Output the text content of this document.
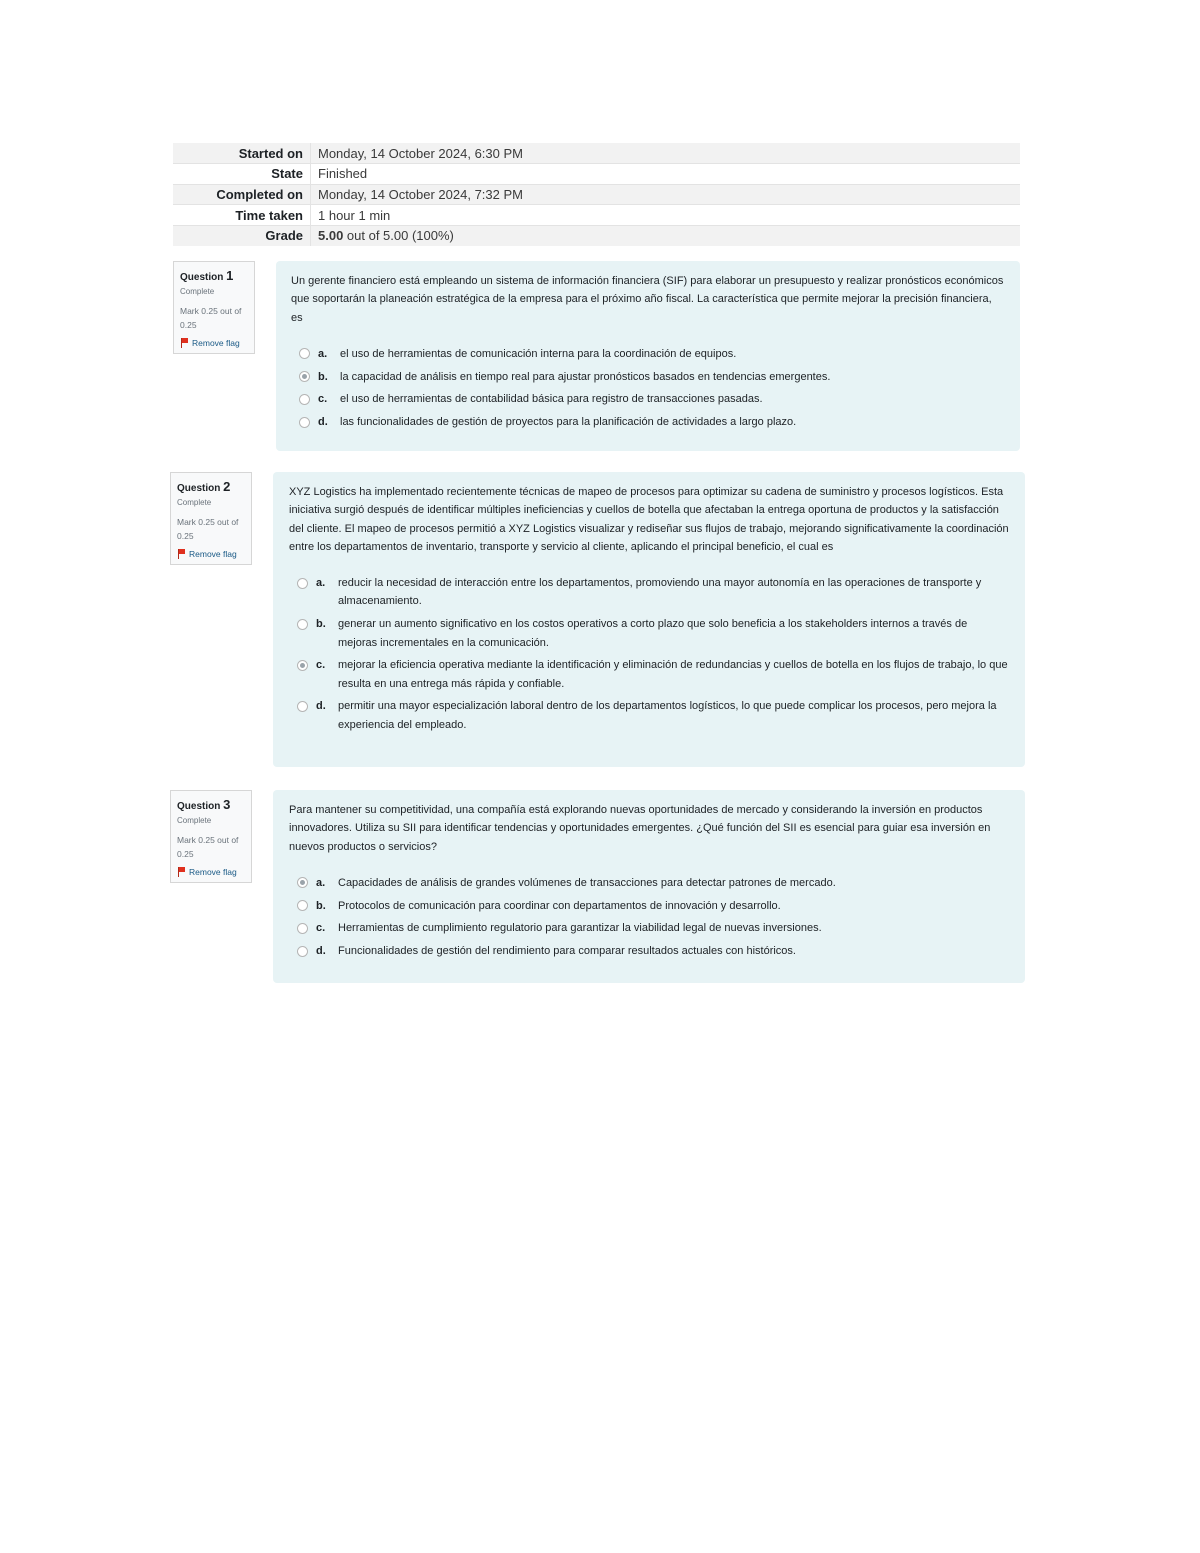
Started on	Monday, 14 October 2024, 6:30 PM
State	Finished
Completed on	Monday, 14 October 2024, 7:32 PM
Time taken	1 hour 1 min
Grade	5.00 out of 5.00 (100%)
Question 1
Complete
Mark 0.25 out of 0.25
Remove flag
Un gerente financiero está empleando un sistema de información financiera (SIF) para elaborar un presupuesto y realizar pronósticos económicos que soportarán la planeación estratégica de la empresa para el próximo año fiscal. La característica que permite mejorar la precisión financiera, es
a.	el uso de herramientas de comunicación interna para la coordinación de equipos.
b.	la capacidad de análisis en tiempo real para ajustar pronósticos basados en tendencias emergentes.
c.	el uso de herramientas de contabilidad básica para registro de transacciones pasadas.
d.	las funcionalidades de gestión de proyectos para la planificación de actividades a largo plazo.
Question 2
Complete
Mark 0.25 out of 0.25
Remove flag
XYZ Logistics ha implementado recientemente técnicas de mapeo de procesos para optimizar su cadena de suministro y procesos logísticos. Esta iniciativa surgió después de identificar múltiples ineficiencias y cuellos de botella que afectaban la entrega oportuna de productos y la satisfacción del cliente. El mapeo de procesos permitió a XYZ Logistics visualizar y rediseñar sus flujos de trabajo, mejorando significativamente la coordinación entre los departamentos de inventario, transporte y servicio al cliente, aplicando el principal beneficio, el cual es
a.	reducir la necesidad de interacción entre los departamentos, promoviendo una mayor autonomía en las operaciones de transporte y almacenamiento.
b.	generar un aumento significativo en los costos operativos a corto plazo que solo beneficia a los stakeholders internos a través de mejoras incrementales en la comunicación.
c.	mejorar la eficiencia operativa mediante la identificación y eliminación de redundancias y cuellos de botella en los flujos de trabajo, lo que resulta en una entrega más rápida y confiable.
d.	permitir una mayor especialización laboral dentro de los departamentos logísticos, lo que puede complicar los procesos, pero mejora la experiencia del empleado.
Question 3
Complete
Mark 0.25 out of 0.25
Remove flag
Para mantener su competitividad, una compañía está explorando nuevas oportunidades de mercado y considerando la inversión en productos innovadores. Utiliza su SII para identificar tendencias y oportunidades emergentes. ¿Qué función del SII es esencial para guiar esa inversión en nuevos productos o servicios?
a.	Capacidades de análisis de grandes volúmenes de transacciones para detectar patrones de mercado.
b.	Protocolos de comunicación para coordinar con departamentos de innovación y desarrollo.
c.	Herramientas de cumplimiento regulatorio para garantizar la viabilidad legal de nuevas inversiones.
d.	Funcionalidades de gestión del rendimiento para comparar resultados actuales con históricos.
